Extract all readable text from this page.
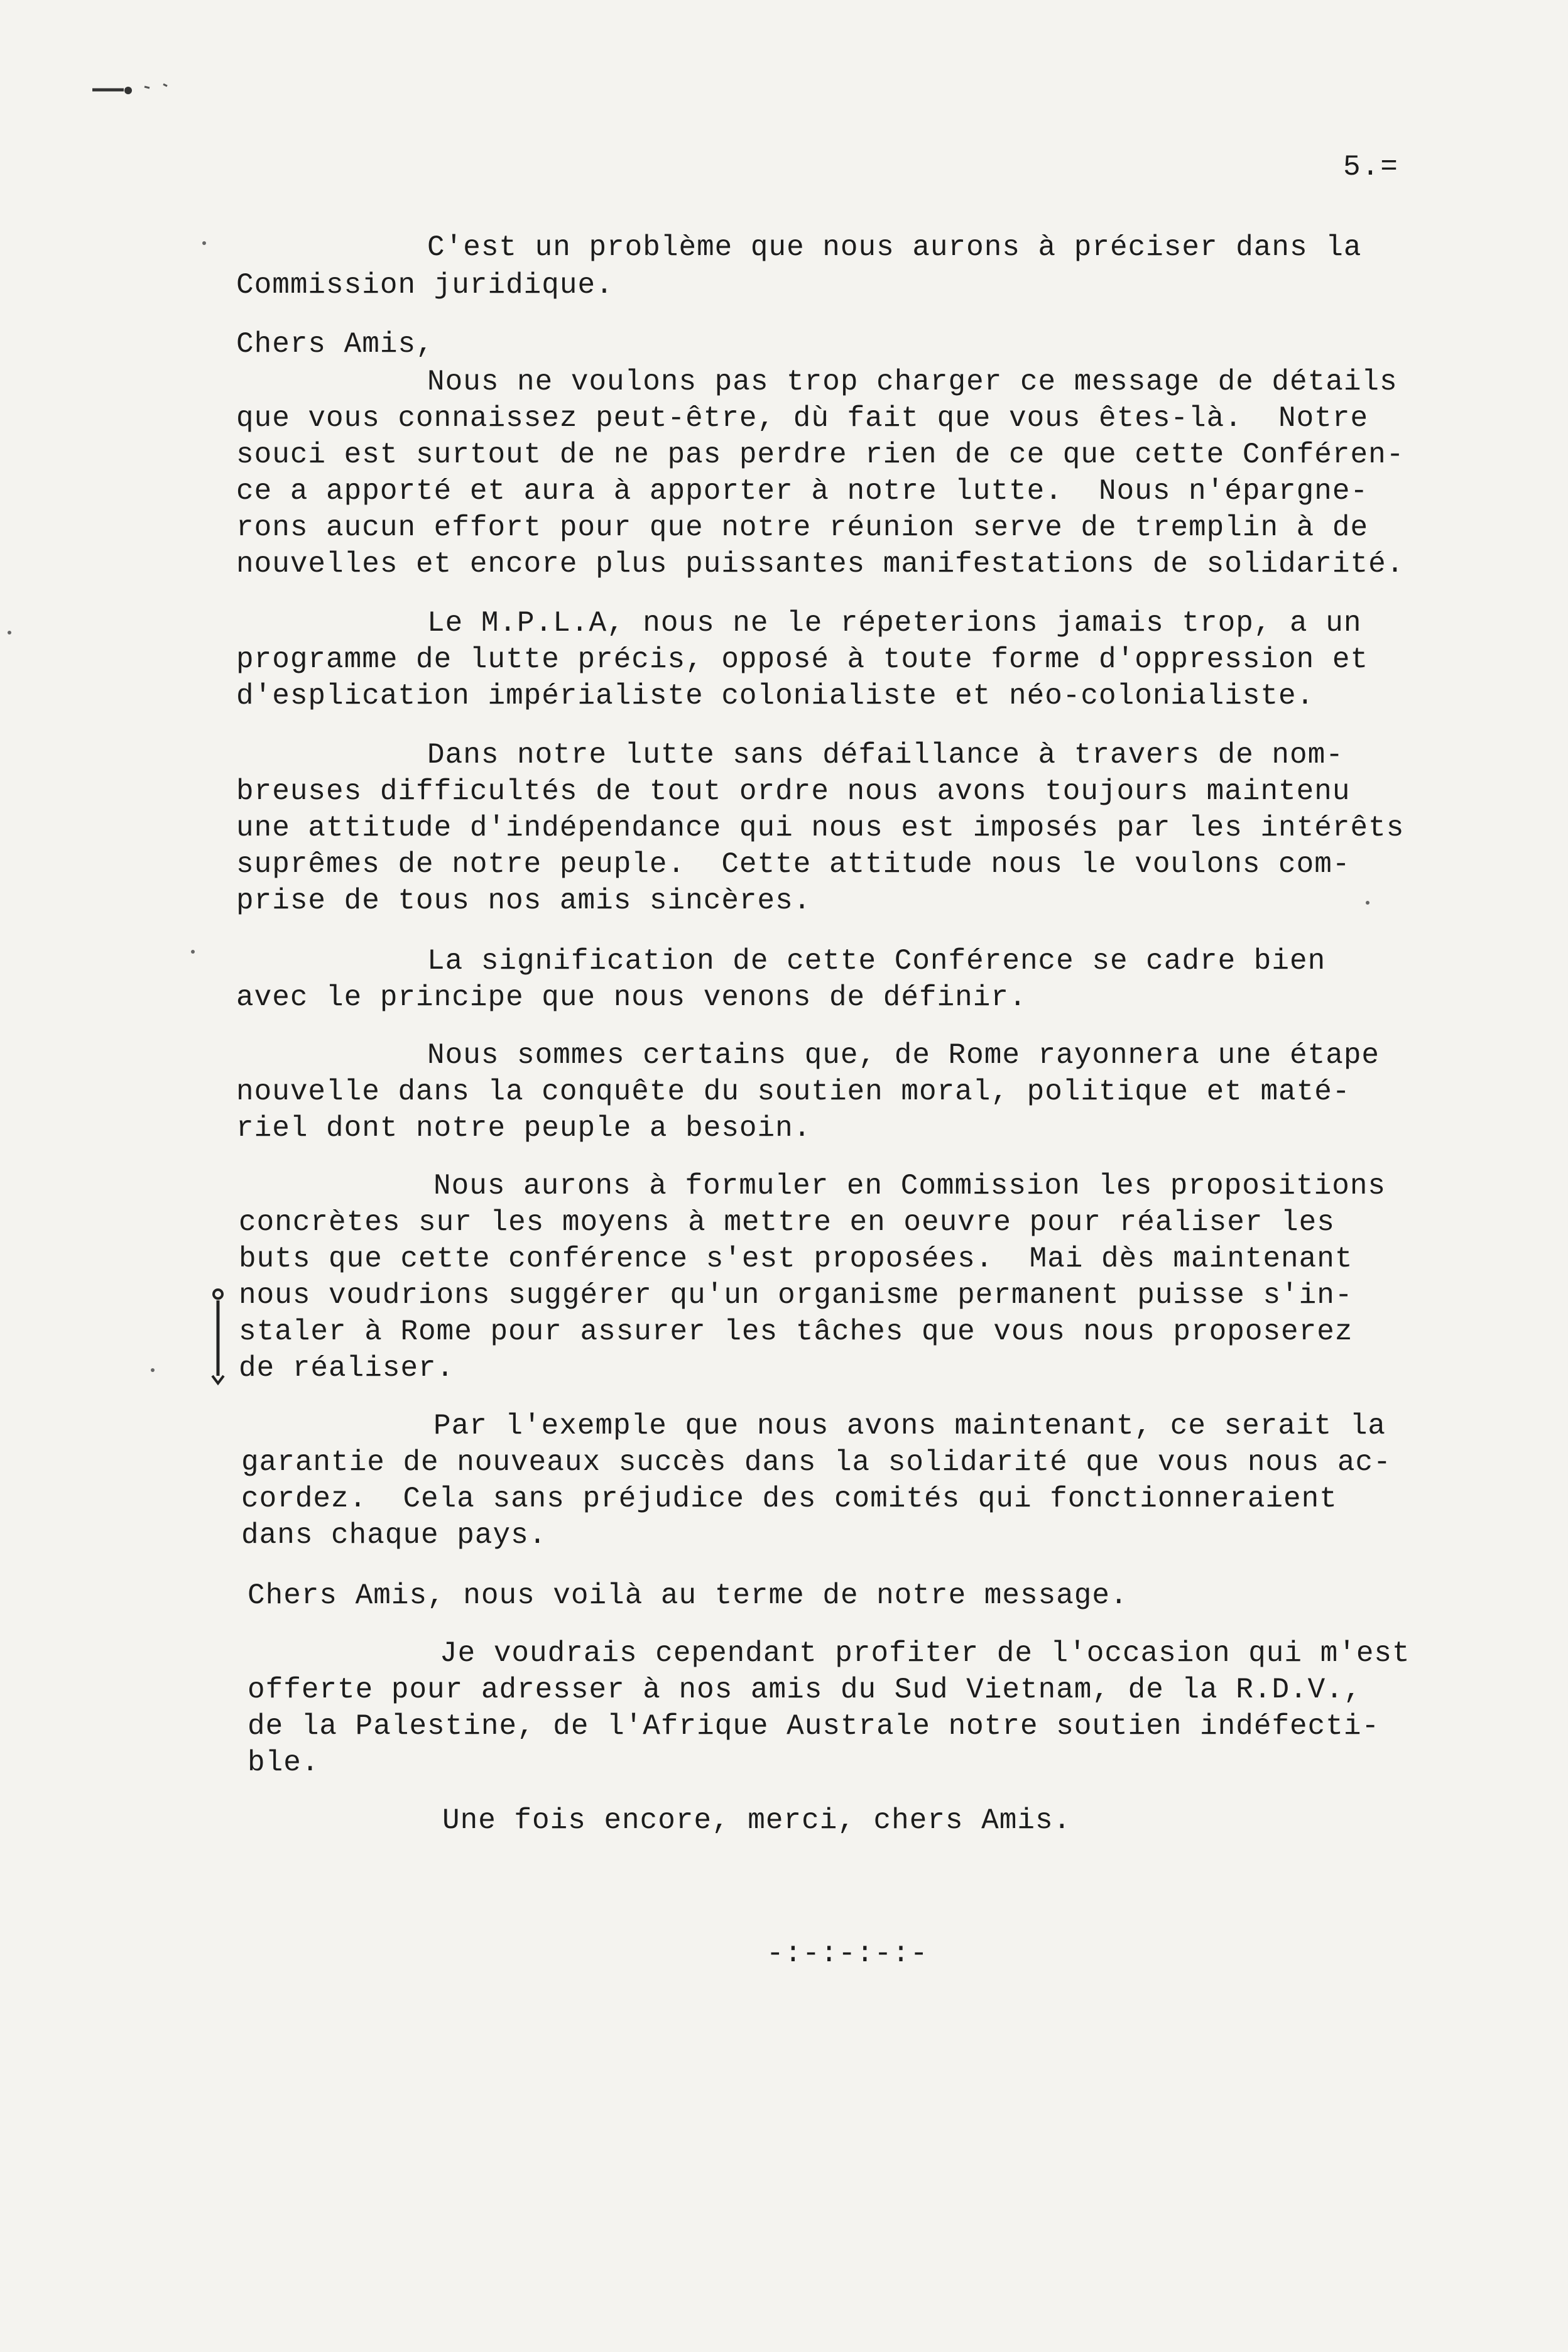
5.=
C'est un problème que nous aurons à préciser dans la
Commission juridique.
Chers Amis,
Nous ne voulons pas trop charger ce message de détails
que vous connaissez peut-être, dù fait que vous êtes-là.  Notre
souci est surtout de ne pas perdre rien de ce que cette Conféren-
ce a apporté et aura à apporter à notre lutte.  Nous n'épargne-
rons aucun effort pour que notre réunion serve de tremplin à de
nouvelles et encore plus puissantes manifestations de solidarité.
Le M.P.L.A, nous ne le répeterions jamais trop, a un
programme de lutte précis, opposé à toute forme d'oppression et
d'esplication impérialiste colonialiste et néo-colonialiste.
Dans notre lutte sans défaillance à travers de nom-
breuses difficultés de tout ordre nous avons toujours maintenu
une attitude d'indépendance qui nous est imposés par les intérêts
suprêmes de notre peuple.  Cette attitude nous le voulons com-
prise de tous nos amis sincères.
La signification de cette Conférence se cadre bien
avec le principe que nous venons de définir.
Nous sommes certains que, de Rome rayonnera une étape
nouvelle dans la conquête du soutien moral, politique et maté-
riel dont notre peuple a besoin.
Nous aurons à formuler en Commission les propositions
concrètes sur les moyens à mettre en oeuvre pour réaliser les
buts que cette conférence s'est proposées.  Mai dès maintenant
nous voudrions suggérer qu'un organisme permanent puisse s'in-
staler à Rome pour assurer les tâches que vous nous proposerez
de réaliser.
Par l'exemple que nous avons maintenant, ce serait la
garantie de nouveaux succès dans la solidarité que vous nous ac-
cordez.  Cela sans préjudice des comités qui fonctionneraient
dans chaque pays.
Chers Amis, nous voilà au terme de notre message.
Je voudrais cependant profiter de l'occasion qui m'est
offerte pour adresser à nos amis du Sud Vietnam, de la R.D.V.,
de la Palestine, de l'Afrique Australe notre soutien indéfecti-
ble.
Une fois encore, merci, chers Amis.
-:-:-:-:-
